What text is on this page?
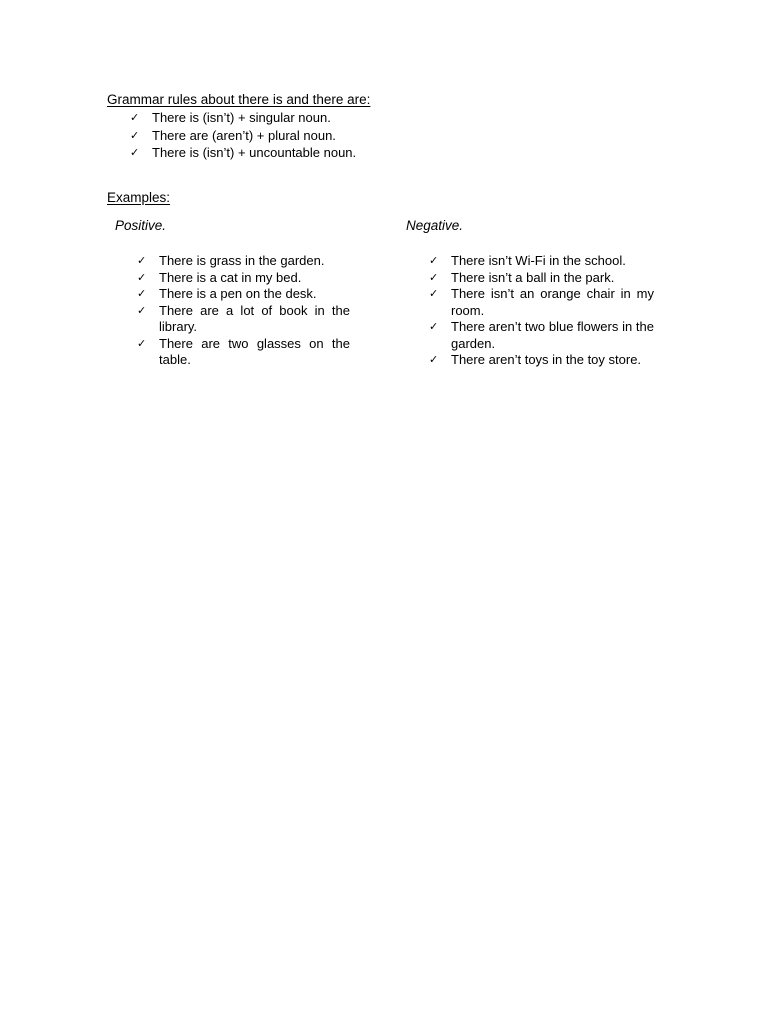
Grammar rules about there is and there are:
✓ There is (isn’t) + singular noun.
✓ There are (aren’t) + plural noun.
✓ There is (isn’t) + uncountable noun.
Examples:
Positive.	Negative.
✓ There is grass in the garden.
✓ There is a cat in my bed.
✓ There is a pen on the desk.
✓ There are a lot of book in the library.
✓ There are two glasses on the table.
✓ There isn’t Wi-Fi in the school.
✓ There isn’t a ball in the park.
✓ There isn’t an orange chair in my room.
✓ There aren’t two blue flowers in the garden.
✓ There aren’t toys in the toy store.
